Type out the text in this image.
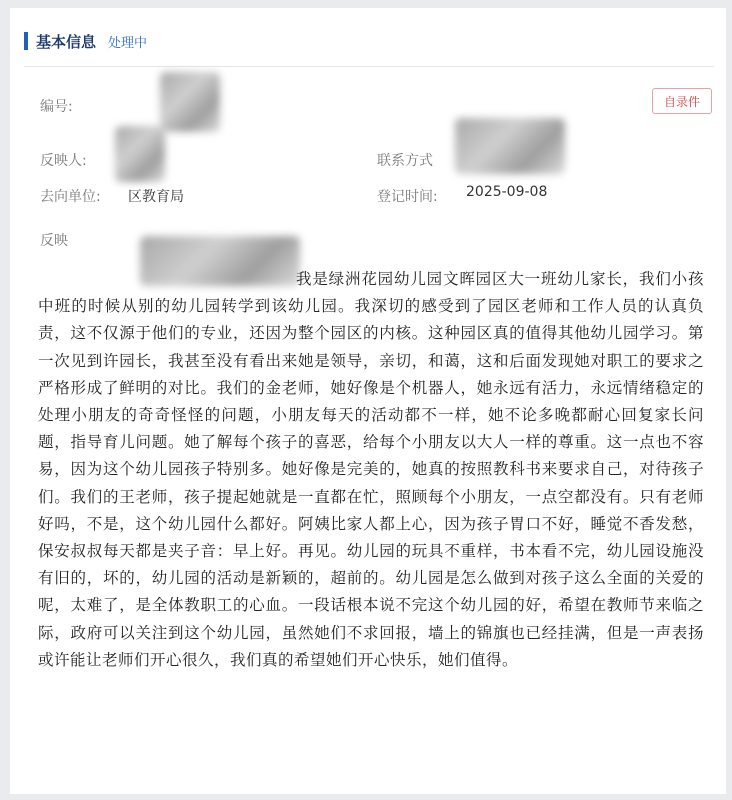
基本信息 处理中
编号:	自录件
反映人:	联系方式
去向单位: 区教育局	登记时间: 2025-09-08
反映
我是绿洲花园幼儿园文晖园区大一班幼儿家长，我们小孩中班的时候从别的幼儿园转学到该幼儿园。我深切的感受到了园区老师和工作人员的认真负责，这不仅源于他们的专业，还因为整个园区的内核。这种园区真的值得其他幼儿园学习。第一次见到许园长，我甚至没有看出来她是领导，亲切，和蔼，这和后面发现她对职工的要求之严格形成了鲜明的对比。我们的金老师，她好像是个机器人，她永远有活力，永远情绪稳定的处理小朋友的奇奇怪怪的问题，小朋友每天的活动都不一样，她不论多晚都耐心回复家长问题，指导育儿问题。她了解每个孩子的喜恶，给每个小朋友以大人一样的尊重。这一点也不容易，因为这个幼儿园孩子特别多。她好像是完美的，她真的按照教科书来要求自己，对待孩子们。我们的王老师，孩子提起她就是一直都在忙，照顾每个小朋友，一点空都没有。只有老师好吗，不是，这个幼儿园什么都好。阿姨比家人都上心，因为孩子胃口不好，睡觉不香发愁，保安叔叔每天都是夹子音：早上好。再见。幼儿园的玩具不重样，书本看不完，幼儿园设施没有旧的，坏的，幼儿园的活动是新颖的，超前的。幼儿园是怎么做到对孩子这么全面的关爱的呢，太难了，是全体教职工的心血。一段话根本说不完这个幼儿园的好，希望在教师节来临之际，政府可以关注到这个幼儿园，虽然她们不求回报，墙上的锦旗也已经挂满，但是一声表扬或许能让老师们开心很久，我们真的希望她们开心快乐，她们值得。
